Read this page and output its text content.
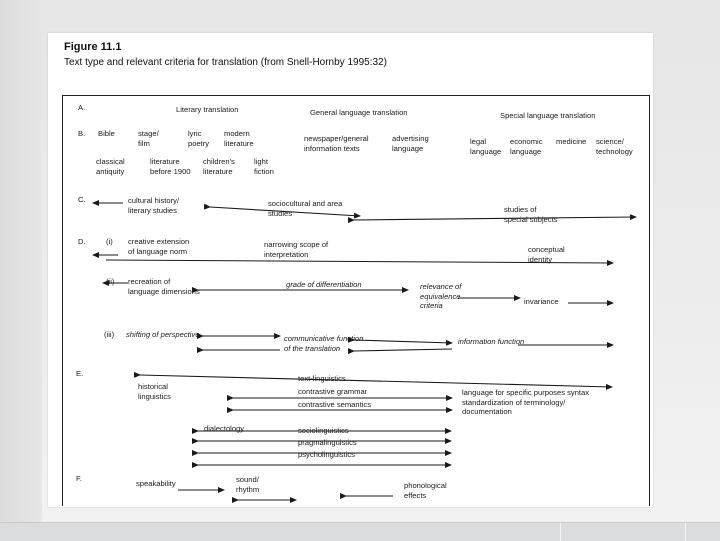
Figure 11.1
Text type and relevant criteria for translation (from Snell-Hornby 1995:32)
A.
B.
C.
D.
E.
F.
Literary translation	General language translation	Special language translation
Bible	stage/
film
lyric
poetry
modern
literature
classical
antiquity
literature
before 1900
children's
literature
light
fiction
newspaper/general
information texts
advertising
language
legal
language
economic
language
medicine science/
technology
cultural history/
literary studies
sociocultural and area
studies	studies of
special subjects
(i)
(ii)
(iii)
creative extension
of language norm
narrowing scope of
interpretation	conceptual
identity
recreation of
language dimensions
grade of differentiation	relevance of
equivalence
criteria	invariance
shifting of perspective	communicative function
of the translation
information function
text-linguistics
historical
linguistics	contrastive grammar
contrastive semantics
language for specific purposes syntax
standardization of terminology/
documentation
dialectology	sociolinguistics
pragmalinguistics
psycholinguistics
speakability	sound/
rhythm	phonological
effects
